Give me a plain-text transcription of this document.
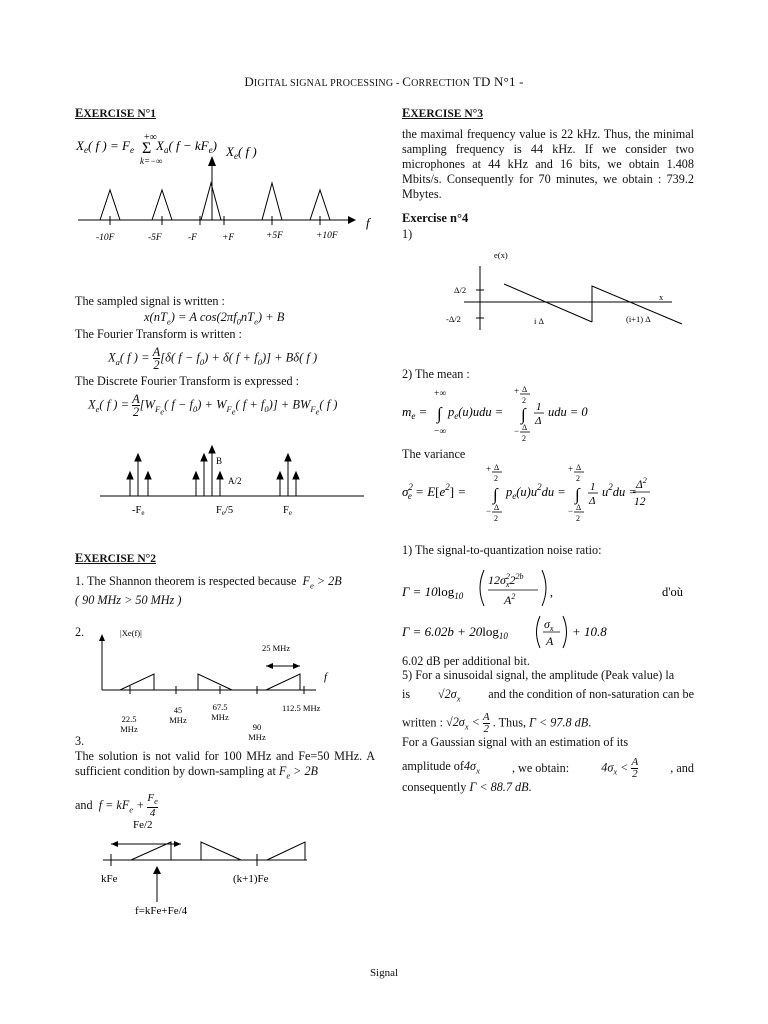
DIGITAL SIGNAL PROCESSING - CORRECTION TD N°1 -
EXERCISE N°1
$X_e$( f ) = $F_e$
+∞
Σ
k=−∞
$X_a$( $f - kF_e$) $X_e$( f )
f
-10F	-5F	-F	+F	+5F	+10F
The sampled signal is written :
$x(nT_e) = A$ $\cos(2\pi f_0nT_e) + B$
The Fourier Transform is written :
$X_a$( f ) = $\frac{A}{2} [\delta$( $f - f_0) + \delta$( $f + f_0)] + B\delta$( f )
The Discrete Fourier Transform is expressed :
$X_e$( f ) = $\frac{A}{2} [W_{F_e}$( $f - f_0) + W_{F_e}$( $f + f_0)] + BW_{F_e}$( f )
B
A/2
-Fe	Fe/5	Fe
EXERCISE N°2
1. The Shannon theorem is respected because $F_e > 2B$
( 90 MHz > 50 MHz )
2.	|Xe(f)|
f
25 MHz
22.5
MHz
45
MHz
67.5
MHz
90
MHz
112.5 MHz
3.
The solution is not valid for 100 MHz and Fe=50 MHz. A sufficient condition by down-sampling at $F_e > 2B$
and $f = kF_e + \frac{F_e}{4}$
Fe/2
kFe	(k+1)Fe
f=kFe+Fe/4
EXERCISE N°3
the maximal frequency value is 22 kHz. Thus, the minimal sampling frequency is 44 kHz. If we consider two microphones at 44 kHz and 16 bits, we obtain 1.408 Mbits/s. Consequently for 70 minutes, we obtain : 739.2 Mbytes.
Exercise n°4
1)
e(x)
x
Δ/2
-Δ/2	i Δ	(i+1) Δ
2) The mean :
$m_e$ =
+∞
∫
−∞
$p_e(u)udu$ =
+ Δ
2
∫
− Δ
2
1
Δ
udu = 0
The variance
$\sigma^2$ $e = E[e^2]$ =
+ Δ
2
∫
− Δ
2
$p_e(u)u^2du$ =
+ Δ
2
∫
− Δ
2
1
Δ
$u^2du = \Delta^2$
12
1) The signal-to-quantization noise ratio:
$\Gamma = 10\log_{10}$
$12\sigma^2$ $x2^{2b}$
$A^2$	,	d'où
$\Gamma = 6.02b + 20\log_{10}$
$\sigma_x$
A
+ 10.8
6.02 dB per additional bit.
5) For a sinusoidal signal, the amplitude (Peak value) la
is $√2\sigma_x$ and the condition of non-saturation can be
written : $√2\sigma_x < \frac{A}{2}$ . Thus, Γ < 97.8 dB.
For a Gaussian signal with an estimation of its
amplitude $of4\sigma_x$	, we obtain:	$4\sigma_x < \frac{A}{2}$	, and
consequently Γ < 88.7 dB.
Signal
